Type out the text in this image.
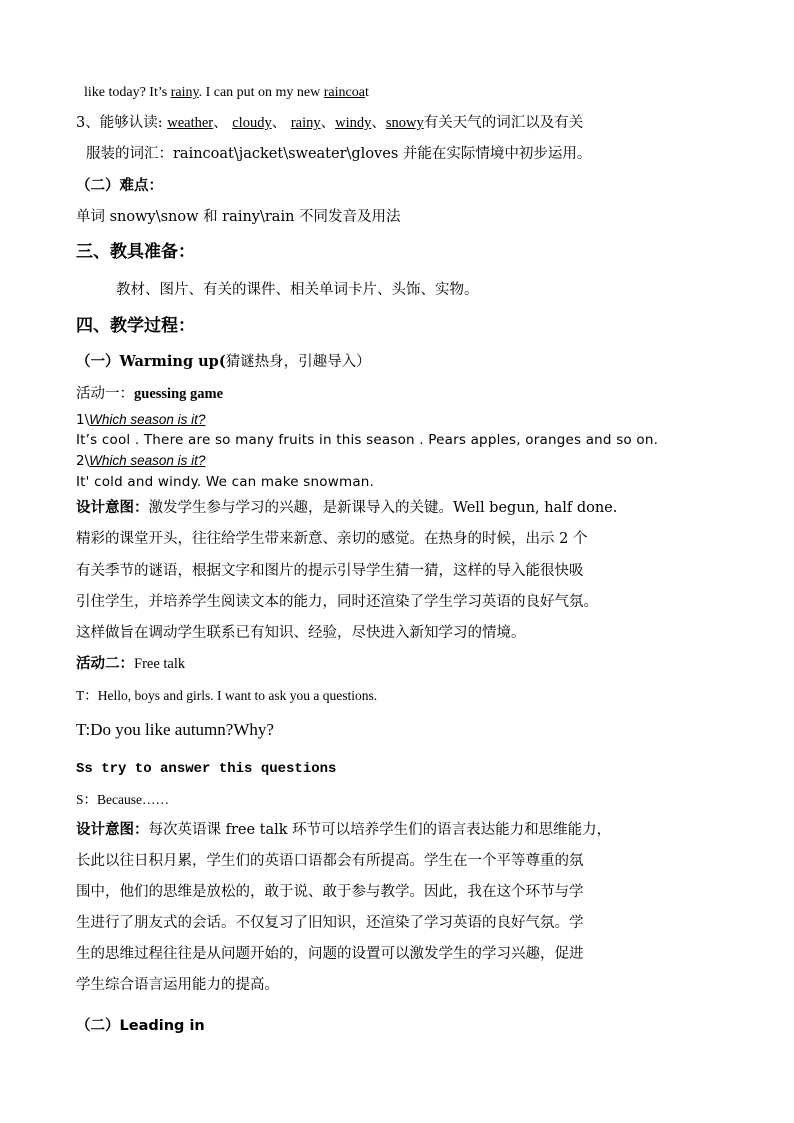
like today? It’s rainy. I can put on my new raincoat
3、能够认读: weather、 cloudy、 rainy、windy、snowy有关天气的词汇以及有关
服装的词汇：raincoat\jacket\sweater\gloves 并能在实际情境中初步运用。
（二）难点：
单词 snowy\snow 和 rainy\rain 不同发音及用法
三、教具准备：
教材、图片、有关的课件、相关单词卡片、头饰、实物。
四、教学过程：
（一）Warming up(猜谜热身，引趣导入）
活动一：guessing game
1\Which season is it?
It’s cool . There are so many fruits in this season . Pears apples, oranges and so on.
2\Which season is it?
It' cold and windy. We can make snowman.
设计意图：激发学生参与学习的兴趣，是新课导入的关键。Well begun, half done.
精彩的课堂开头，往往给学生带来新意、亲切的感觉。在热身的时候，出示 2 个
有关季节的谜语，根据文字和图片的提示引导学生猜一猜，这样的导入能很快吸
引住学生，并培养学生阅读文本的能力，同时还渲染了学生学习英语的良好气氛。
这样做旨在调动学生联系已有知识、经验，尽快进入新知学习的情境。
活动二：Free talk
T：Hello, boys and girls. I want to ask you a questions.
T:Do you like autumn?Why?
Ss try to answer this questions
S：Because……
设计意图：每次英语课 free talk 环节可以培养学生们的语言表达能力和思维能力，
长此以往日积月累，学生们的英语口语都会有所提高。学生在一个平等尊重的氛
围中，他们的思维是放松的，敢于说、敢于参与教学。因此，我在这个环节与学
生进行了朋友式的会话。不仅复习了旧知识，还渲染了学习英语的良好气氛。学
生的思维过程往往是从问题开始的，问题的设置可以激发学生的学习兴趣，促进
学生综合语言运用能力的提高。
（二）Leading in
